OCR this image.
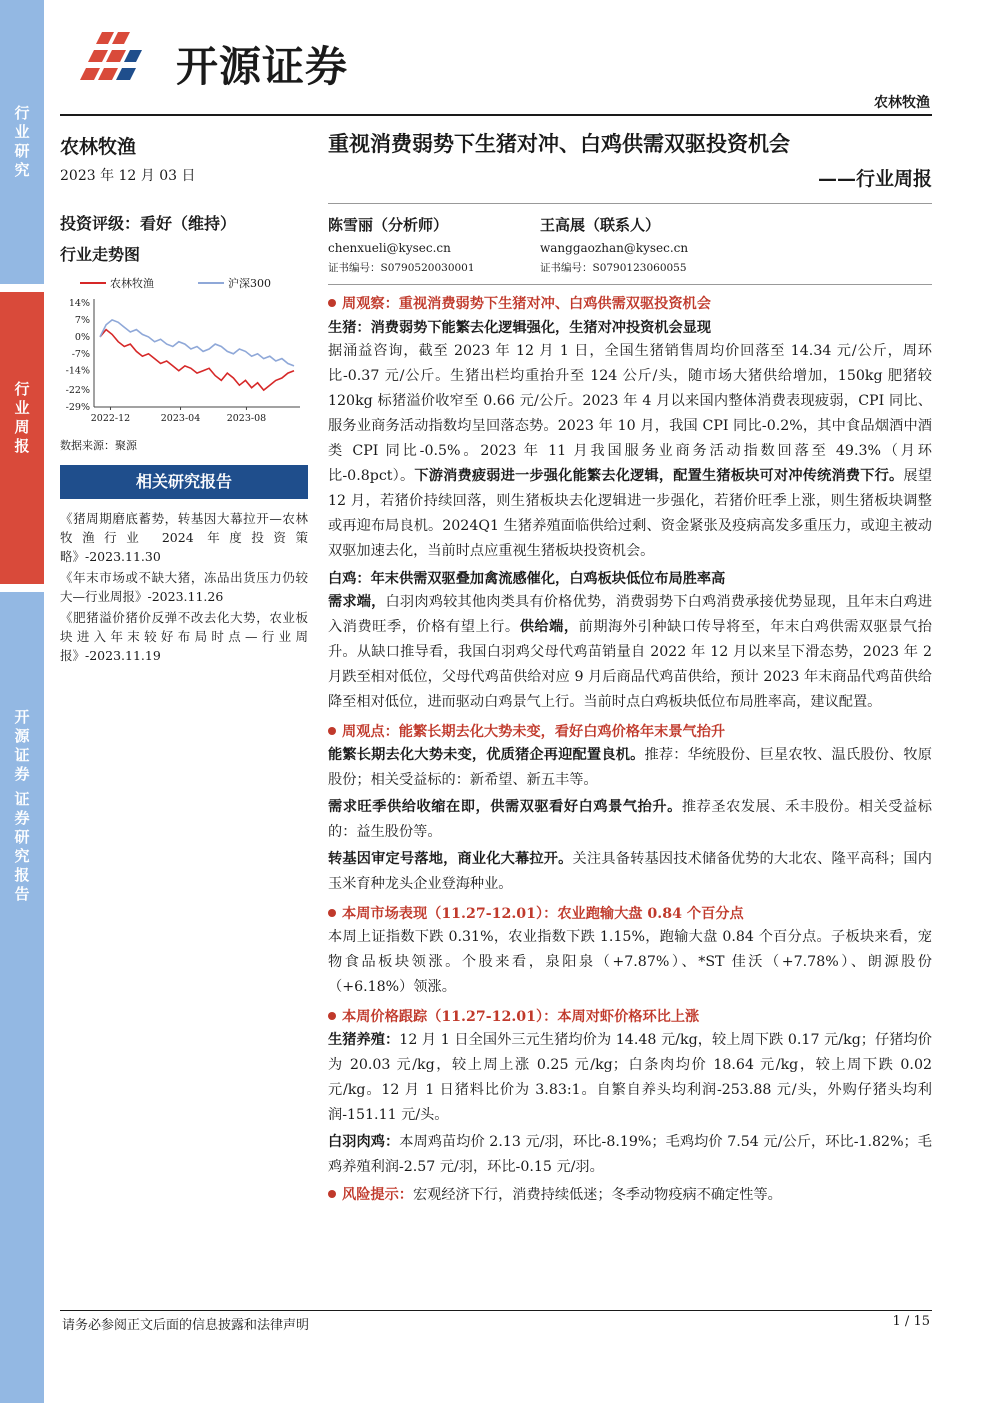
行
业
研
究
行
业
周
报
开
源
证
券
证
券
研
究
报
告
开源证券
农林牧渔
农林牧渔
2023 年 12 月 03 日
投资评级：看好（维持）
行业走势图
农林牧渔	沪深300
14%
7%
0%
-7%
-14%
-22%
-29%
2022-12	2023-04	2023-08
数据来源：聚源
相关研究报告

《猪周期磨底蓄势，转基因大幕拉开—农林牧渔行业 2024 年度投资策略》-2023.11.30

《年末市场或不缺大猪，冻品出货压力仍较大—行业周报》-2023.11.26

《肥猪溢价猪价反弹不改去化大势，农业板块进入年末较好布局时点—行业周报》-2023.11.19

重视消费弱势下生猪对冲、白鸡供需双驱投资机会
——行业周报
陈雪丽（分析师）
chenxueli@kysec.cn
证书编号：S0790520030001
王高展（联系人）
wanggaozhan@kysec.cn
证书编号：S0790123060055
周观察：重视消费弱势下生猪对冲、白鸡供需双驱投资机会
生猪：消费弱势下能繁去化逻辑强化，生猪对冲投资机会显现

据涌益咨询，截至 2023 年 12 月 1 日，全国生猪销售周均价回落至 14.34 元/公斤，周环比-0.37 元/公斤。生猪出栏均重抬升至 124 公斤/头，随市场大猪供给增加，150kg 肥猪较 120kg 标猪溢价收窄至 0.66 元/公斤。2023 年 4 月以来国内整体消费表现疲弱，CPI 同比、服务业商务活动指数均呈回落态势。2023 年 10 月，我国 CPI 同比-0.2%，其中食品烟酒中酒类 CPI 同比-0.5%。2023 年 11 月我国服务业商务活动指数回落至 49.3%（月环比-0.8pct）。下游消费疲弱进一步强化能繁去化逻辑，配置生猪板块可对冲传统消费下行。展望 12 月，若猪价持续回落，则生猪板块去化逻辑进一步强化，若猪价旺季上涨，则生猪板块调整或再迎布局良机。2024Q1 生猪养殖面临供给过剩、资金紧张及疫病高发多重压力，或迎主被动双驱加速去化，当前时点应重视生猪板块投资机会。

白鸡：年末供需双驱叠加禽流感催化，白鸡板块低位布局胜率高

需求端，白羽肉鸡较其他肉类具有价格优势，消费弱势下白鸡消费承接优势显现，且年末白鸡进入消费旺季，价格有望上行。供给端，前期海外引种缺口传导将至，年末白鸡供需双驱景气抬升。从缺口推导看，我国白羽鸡父母代鸡苗销量自 2022 年 12 月以来呈下滑态势，2023 年 2 月跌至相对低位，父母代鸡苗供给对应 9 月后商品代鸡苗供给，预计 2023 年末商品代鸡苗供给降至相对低位，进而驱动白鸡景气上行。当前时点白鸡板块低位布局胜率高，建议配置。

周观点：能繁长期去化大势未变，看好白鸡价格年末景气抬升

能繁长期去化大势未变，优质猪企再迎配置良机。推荐：华统股份、巨星农牧、温氏股份、牧原股份；相关受益标的：新希望、新五丰等。

需求旺季供给收缩在即，供需双驱看好白鸡景气抬升。推荐圣农发展、禾丰股份。相关受益标的：益生股份等。

转基因审定号落地，商业化大幕拉开。关注具备转基因技术储备优势的大北农、隆平高科；国内玉米育种龙头企业登海种业。

本周市场表现（11.27-12.01）：农业跑输大盘 0.84 个百分点

本周上证指数下跌 0.31%，农业指数下跌 1.15%，跑输大盘 0.84 个百分点。子板块来看，宠物食品板块领涨。个股来看，泉阳泉（+7.87%）、*ST 佳沃（+7.78%）、朗源股份（+6.18%）领涨。

本周价格跟踪（11.27-12.01）：本周对虾价格环比上涨

生猪养殖：12 月 1 日全国外三元生猪均价为 14.48 元/kg，较上周下跌 0.17 元/kg；仔猪均价为 20.03 元/kg，较上周上涨 0.25 元/kg；白条肉均价 18.64 元/kg，较上周下跌 0.02 元/kg。12 月 1 日猪料比价为 3.83:1。自繁自养头均利润-253.88 元/头，外购仔猪头均利润-151.11 元/头。

白羽肉鸡：本周鸡苗均价 2.13 元/羽，环比-8.19%；毛鸡均价 7.54 元/公斤，环比-1.82%；毛鸡养殖利润-2.57 元/羽，环比-0.15 元/羽。

风险提示：宏观经济下行，消费持续低迷；冬季动物疫病不确定性等。
请务必参阅正文后面的信息披露和法律声明	1 / 15
